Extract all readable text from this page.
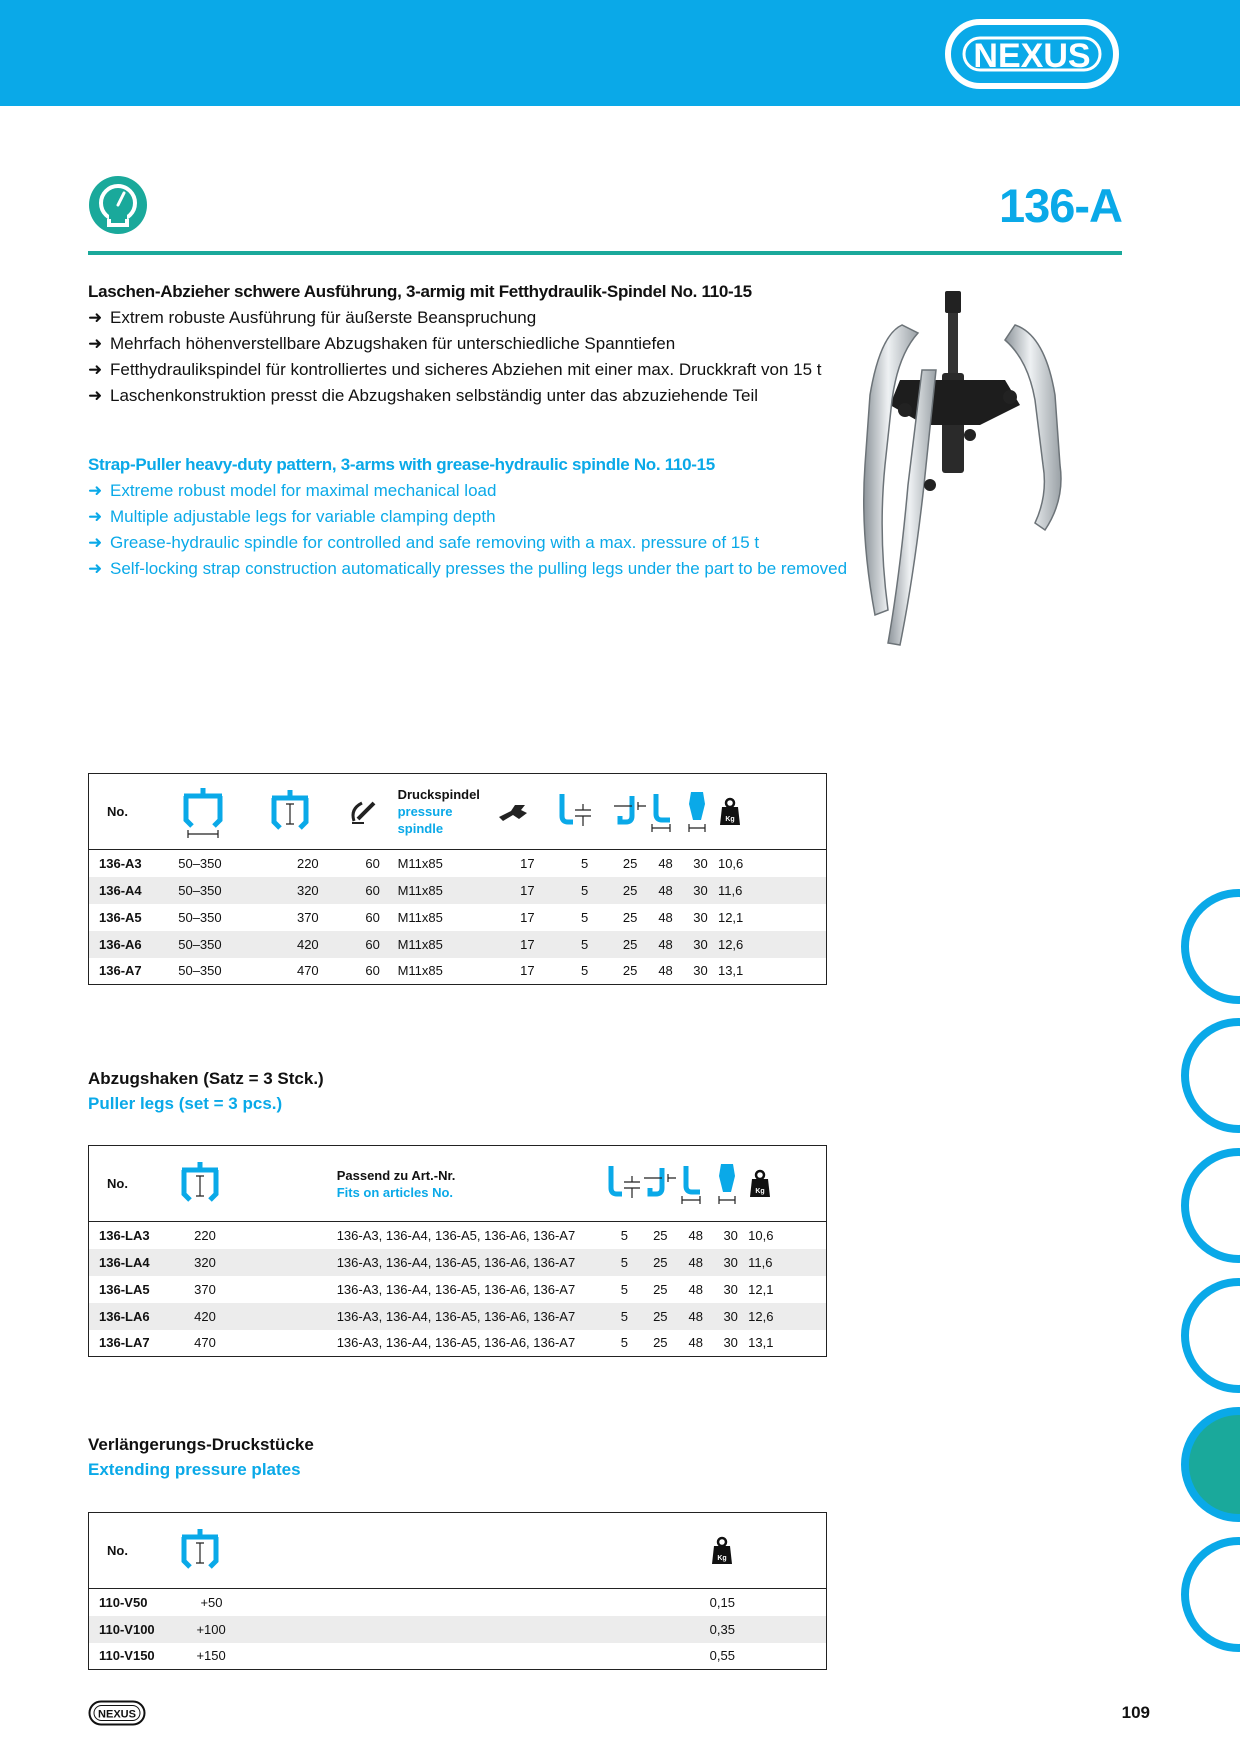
NEXUS
136-A
Laschen-Abzieher schwere Ausführung, 3-armig mit Fetthydraulik-Spindel No. 110-15
➜ Extrem robuste Ausführung für äußerste Beanspruchung
➜ Mehrfach höhenverstellbare Abzugshaken für unterschiedliche Spanntiefen
➜ Fetthydraulikspindel für kontrolliertes und sicheres Abziehen mit einer max. Druckkraft von 15 t
➜ Laschenkonstruktion presst die Abzugshaken selbständig unter das abzuziehende Teil
Strap-Puller heavy-duty pattern, 3-arms with grease-hydraulic spindle No. 110-15
➜ Extreme robust model for maximal mechanical load
➜ Multiple adjustable legs for variable clamping depth
➜ Grease-hydraulic spindle for controlled and safe removing with a max. pressure of 15 t
➜ Self-locking strap construction automatically presses the pulling legs under the part to be removed
No.				Druckspindel
pressure spindle						Kg	

136-A3	50–350	220	60	M11x85	17	5	25	48	30	10,6	
136-A4	50–350	320	60	M11x85	17	5	25	48	30	11,6	
136-A5	50–350	370	60	M11x85	17	5	25	48	30	12,1	
136-A6	50–350	420	60	M11x85	17	5	25	48	30	12,6	
136-A7	50–350	470	60	M11x85	17	5	25	48	30	13,1	
Abzugshaken (Satz = 3 Stck.)
Puller legs (set = 3 pcs.)
No.		Passend zu Art.-Nr.
Fits on articles No.					Kg

136-LA3	220	136-A3, 136-A4, 136-A5, 136-A6, 136-A7	5	25	48	30	10,6
136-LA4	320	136-A3, 136-A4, 136-A5, 136-A6, 136-A7	5	25	48	30	11,6
136-LA5	370	136-A3, 136-A4, 136-A5, 136-A6, 136-A7	5	25	48	30	12,1
136-LA6	420	136-A3, 136-A4, 136-A5, 136-A6, 136-A7	5	25	48	30	12,6
136-LA7	470	136-A3, 136-A4, 136-A5, 136-A6, 136-A7	5	25	48	30	13,1
Verlängerungs-Druckstücke
Extending pressure plates
No.		Kg

110-V50	+50	0,15
110-V100	+100	0,35
110-V150	+150	0,55
NEXUS	109
